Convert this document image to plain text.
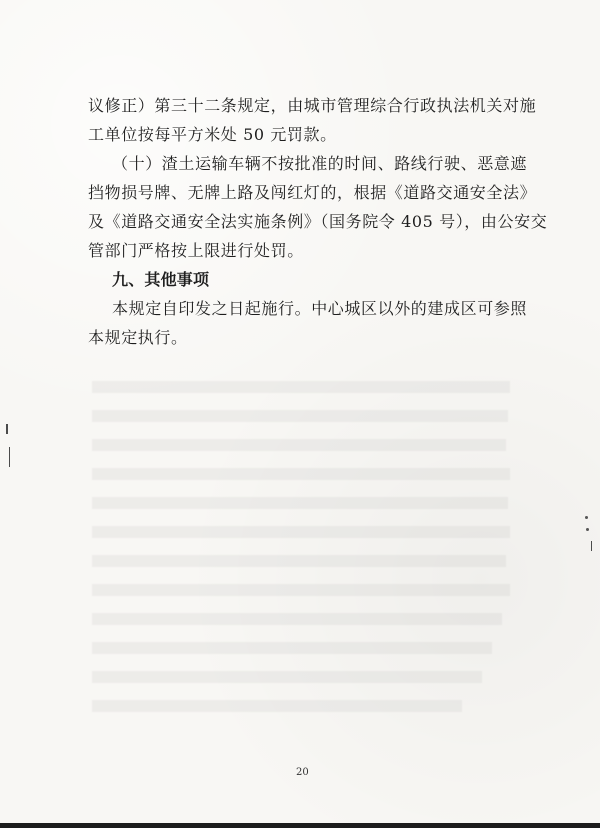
议修正）第三十二条规定，由城市管理综合行政执法机关对施
工单位按每平方米处 50 元罚款。
（十）渣土运输车辆不按批准的时间、路线行驶、恶意遮
挡物损号牌、无牌上路及闯红灯的，根据《道路交通安全法》
及《道路交通安全法实施条例》（国务院令 405 号），由公安交
管部门严格按上限进行处罚。
九、其他事项
本规定自印发之日起施行。中心城区以外的建成区可参照
本规定执行。
20
